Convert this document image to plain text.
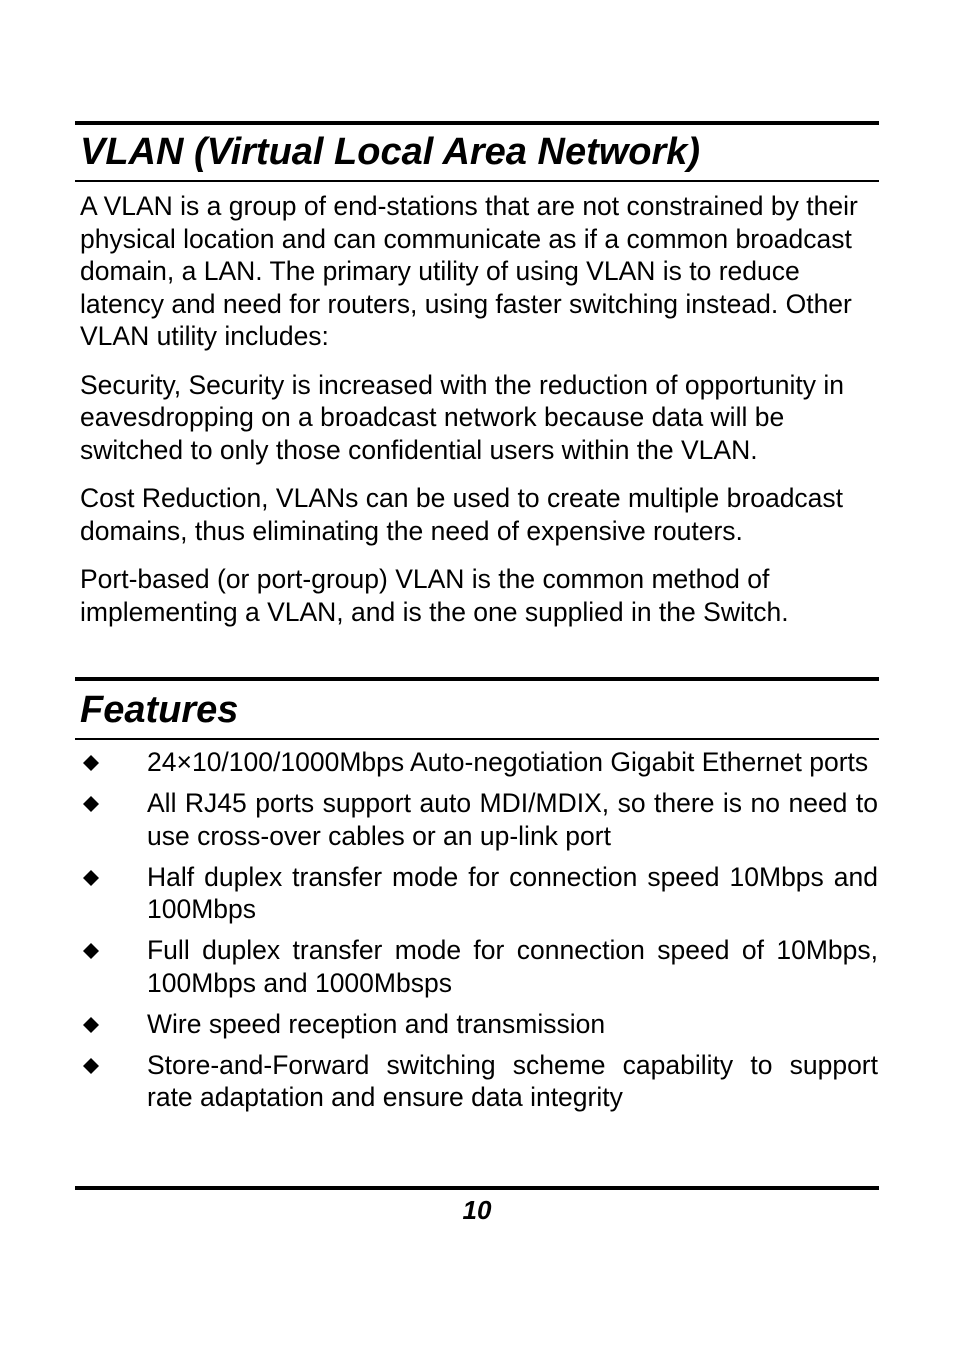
VLAN (Virtual Local Area Network)

A VLAN is a group of end-stations that are not constrained by their physical location and can communicate as if a common broadcast domain, a LAN. The primary utility of using VLAN is to reduce latency and need for routers, using faster switching instead. Other VLAN utility includes:

Security, Security is increased with the reduction of opportunity in eavesdropping on a broadcast network because data will be switched to only those confidential users within the VLAN.

Cost Reduction, VLANs can be used to create multiple broadcast domains, thus eliminating the need of expensive routers.

Port-based (or port-group) VLAN is the common method of implementing a VLAN, and is the one supplied in the Switch.

Features
24×10/100/1000Mbps Auto-negotiation Gigabit Ethernet ports
All RJ45 ports support auto MDI/MDIX, so there is no need to use cross-over cables or an up-link port
Half duplex transfer mode for connection speed 10Mbps and 100Mbps
Full duplex transfer mode for connection speed of 10Mbps, 100Mbps and 1000Mbsps
Wire speed reception and transmission
Store-and-Forward switching scheme capability to support rate adaptation and ensure data integrity
10
